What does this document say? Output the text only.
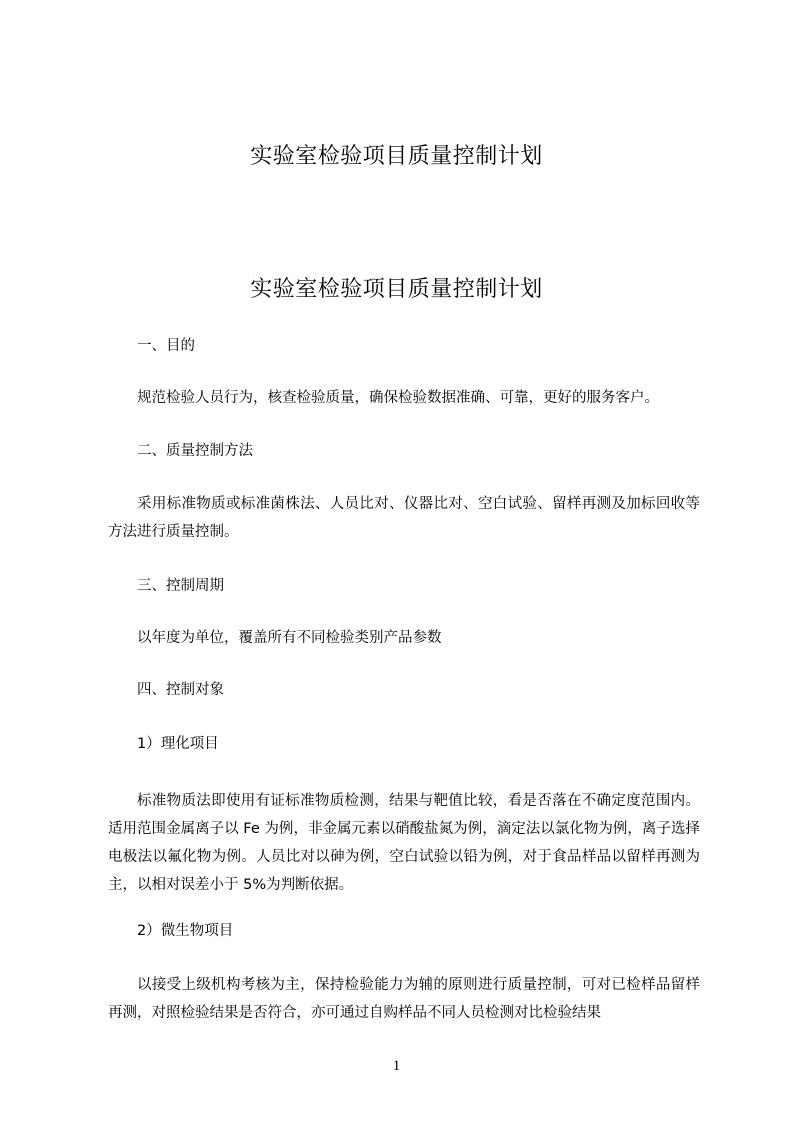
实验室检验项目质量控制计划
实验室检验项目质量控制计划

一、目的

规范检验人员行为，核查检验质量，确保检验数据准确、可靠，更好的服务客户。

二、质量控制方法

采用标准物质或标准菌株法、人员比对、仪器比对、空白试验、留样再测及加标回收等方法进行质量控制。

三、控制周期

以年度为单位，覆盖所有不同检验类别产品参数

四、控制对象

1）理化项目

标准物质法即使用有证标准物质检测，结果与靶值比较，看是否落在不确定度范围内。适用范围金属离子以 Fe 为例，非金属元素以硝酸盐氮为例，滴定法以氯化物为例，离子选择电极法以氟化物为例。人员比对以砷为例，空白试验以铅为例，对于食品样品以留样再测为主，以相对误差小于 5%为判断依据。

2）微生物项目

以接受上级机构考核为主，保持检验能力为辅的原则进行质量控制，可对已检样品留样再测，对照检验结果是否符合，亦可通过自购样品不同人员检测对比检验结果

1
